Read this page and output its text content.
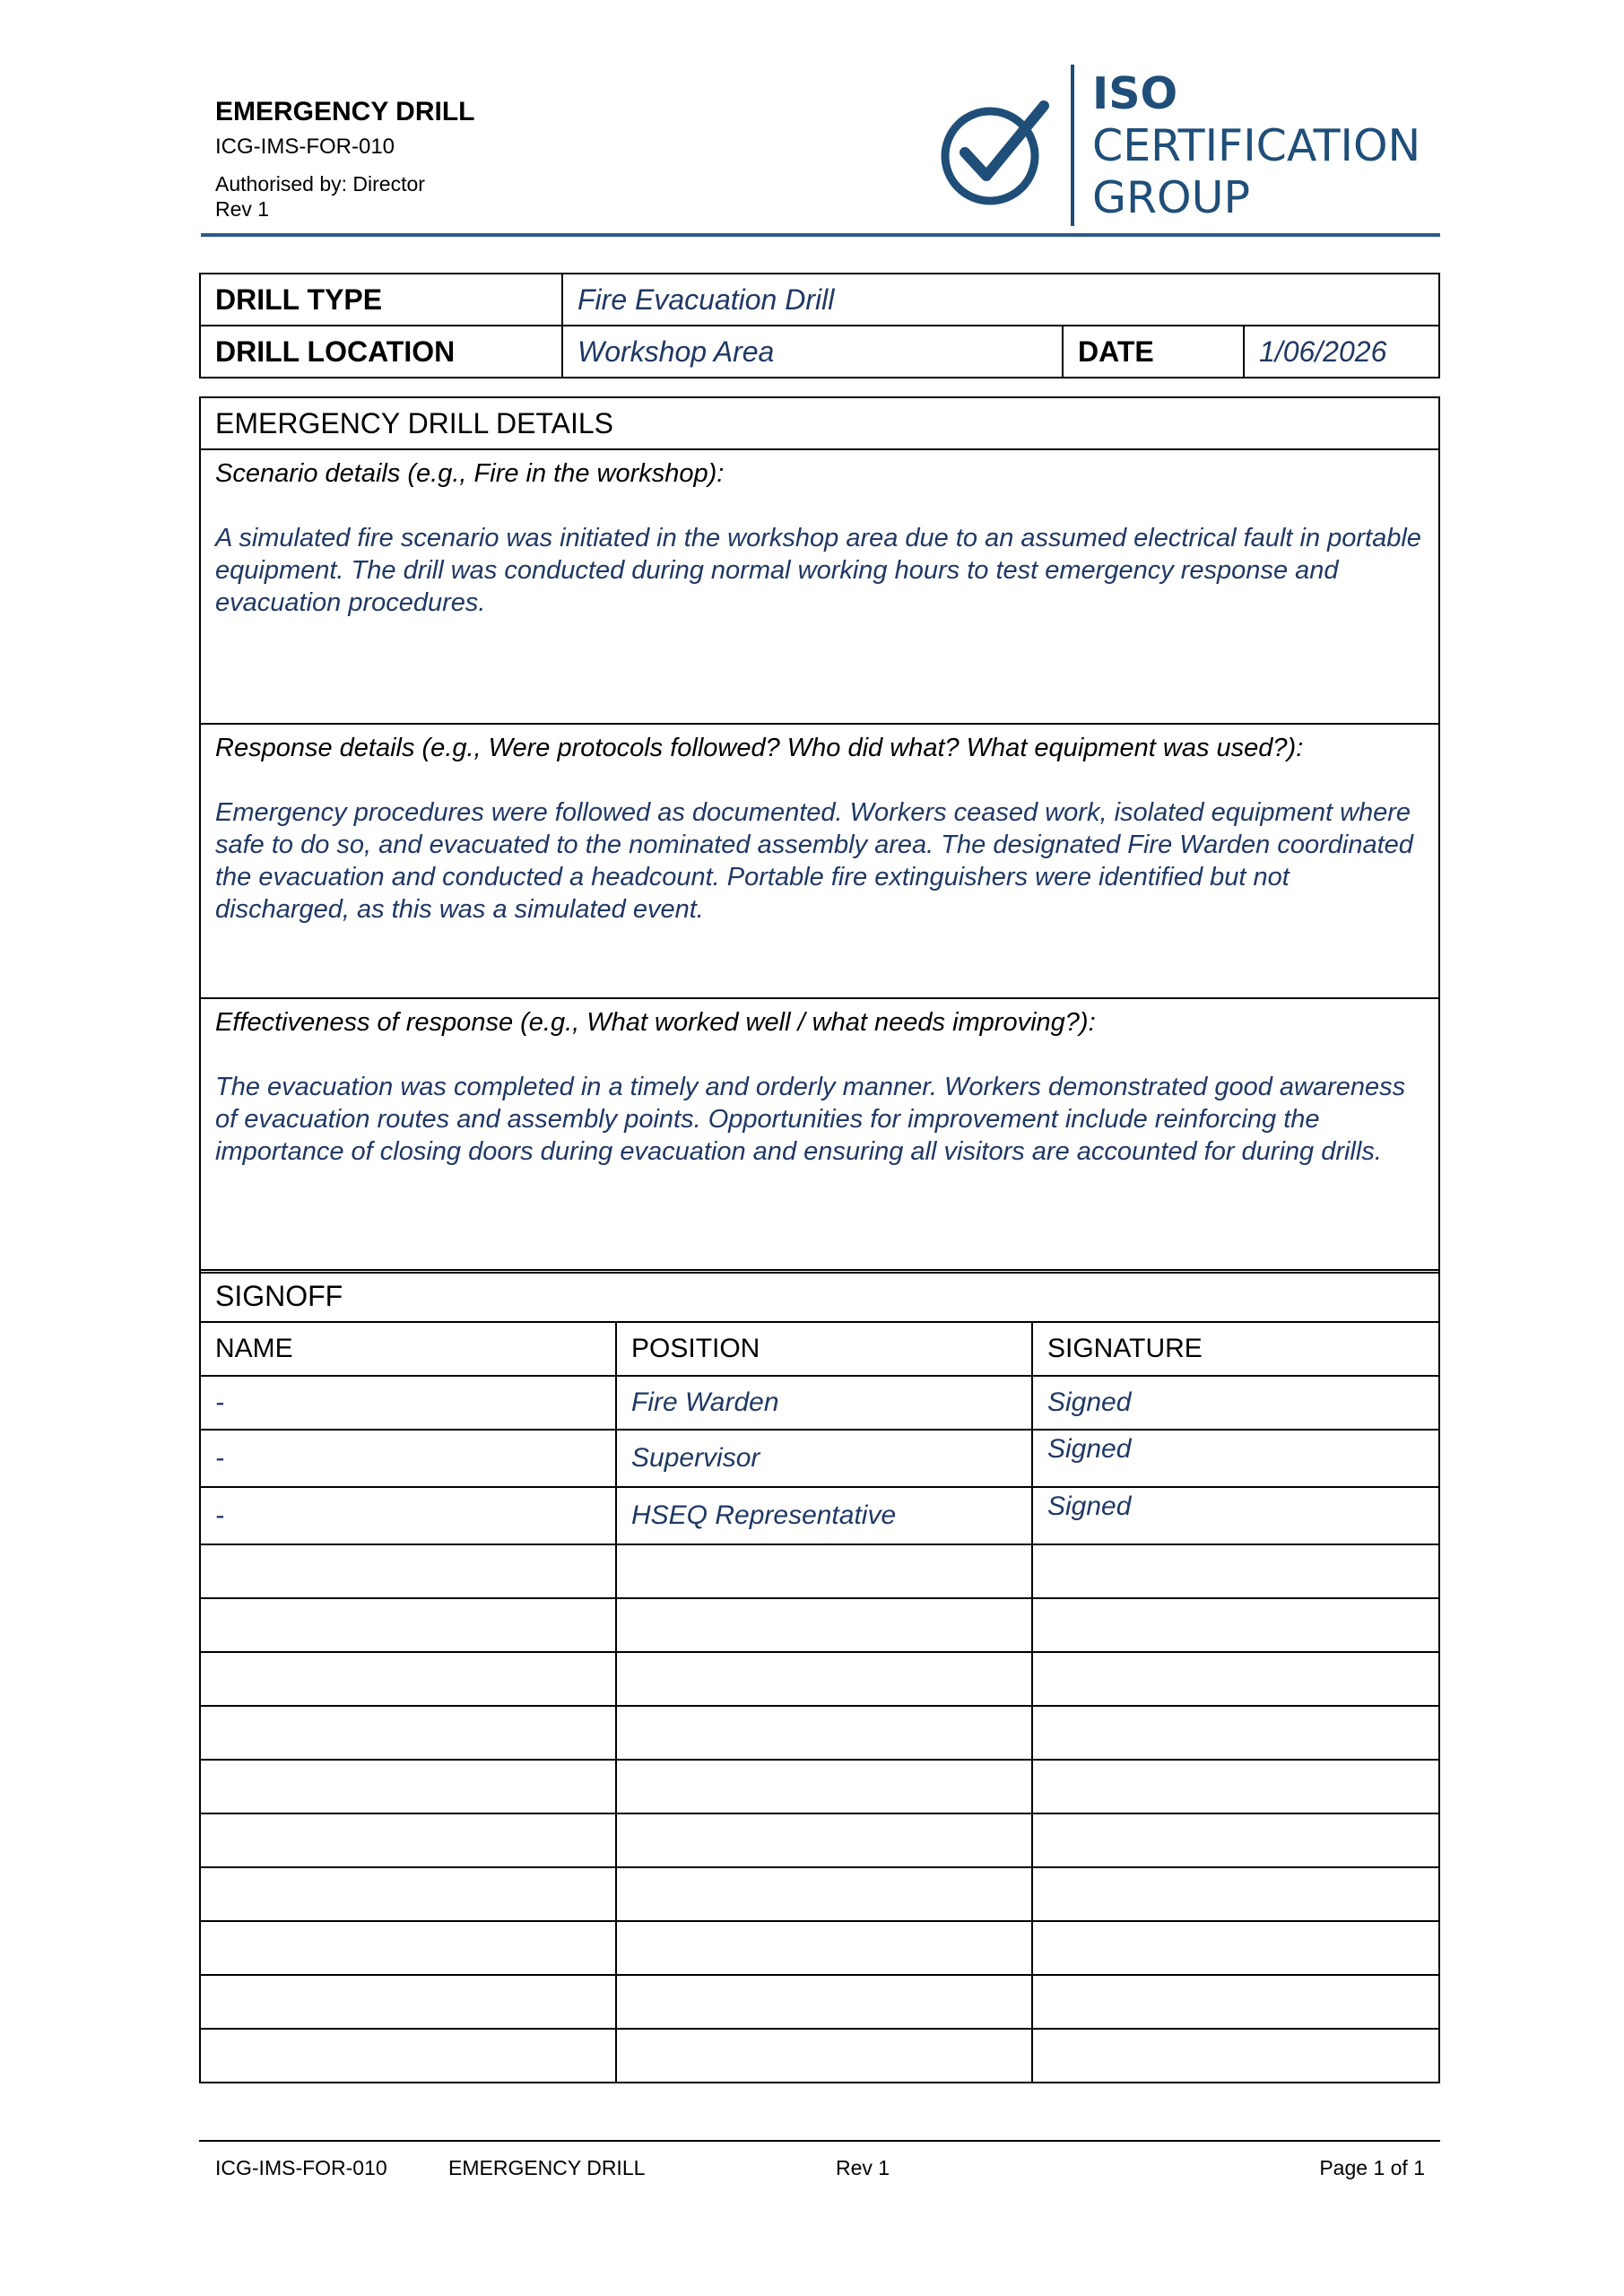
EMERGENCY DRILL
ICG-IMS-FOR-010
Authorised by: Director
Rev 1
ISO
CERTIFICATION
GROUP
DRILL TYPE	Fire Evacuation Drill		
DRILL LOCATION	Workshop Area	DATE	1/06/2026
EMERGENCY DRILL DETAILS

Scenario details (e.g., Fire in the workshop):
A simulated fire scenario was initiated in the workshop area due to an assumed electrical fault in portable equipment. The drill was conducted during normal working hours to test emergency response and evacuation procedures.

Response details (e.g., Were protocols followed? Who did what? What equipment was used?):
Emergency procedures were followed as documented. Workers ceased work, isolated equipment where safe to do so, and evacuated to the nominated assembly area. The designated Fire Warden coordinated the evacuation and conducted a headcount. Portable fire extinguishers were identified but not discharged, as this was a simulated event.

Effectiveness of response (e.g., What worked well / what needs improving?):
The evacuation was completed in a timely and orderly manner. Workers demonstrated good awareness of evacuation routes and assembly points. Opportunities for improvement include reinforcing the importance of closing doors during evacuation and ensuring all visitors are accounted for during drills.
SIGNOFF		
NAME	POSITION	SIGNATURE
-	Fire Warden	Signed
-	Supervisor	Signed
-	HSEQ Representative	Signed

ICG-IMS-FOR-010	EMERGENCY DRILL	Rev 1	Page 1 of 1
